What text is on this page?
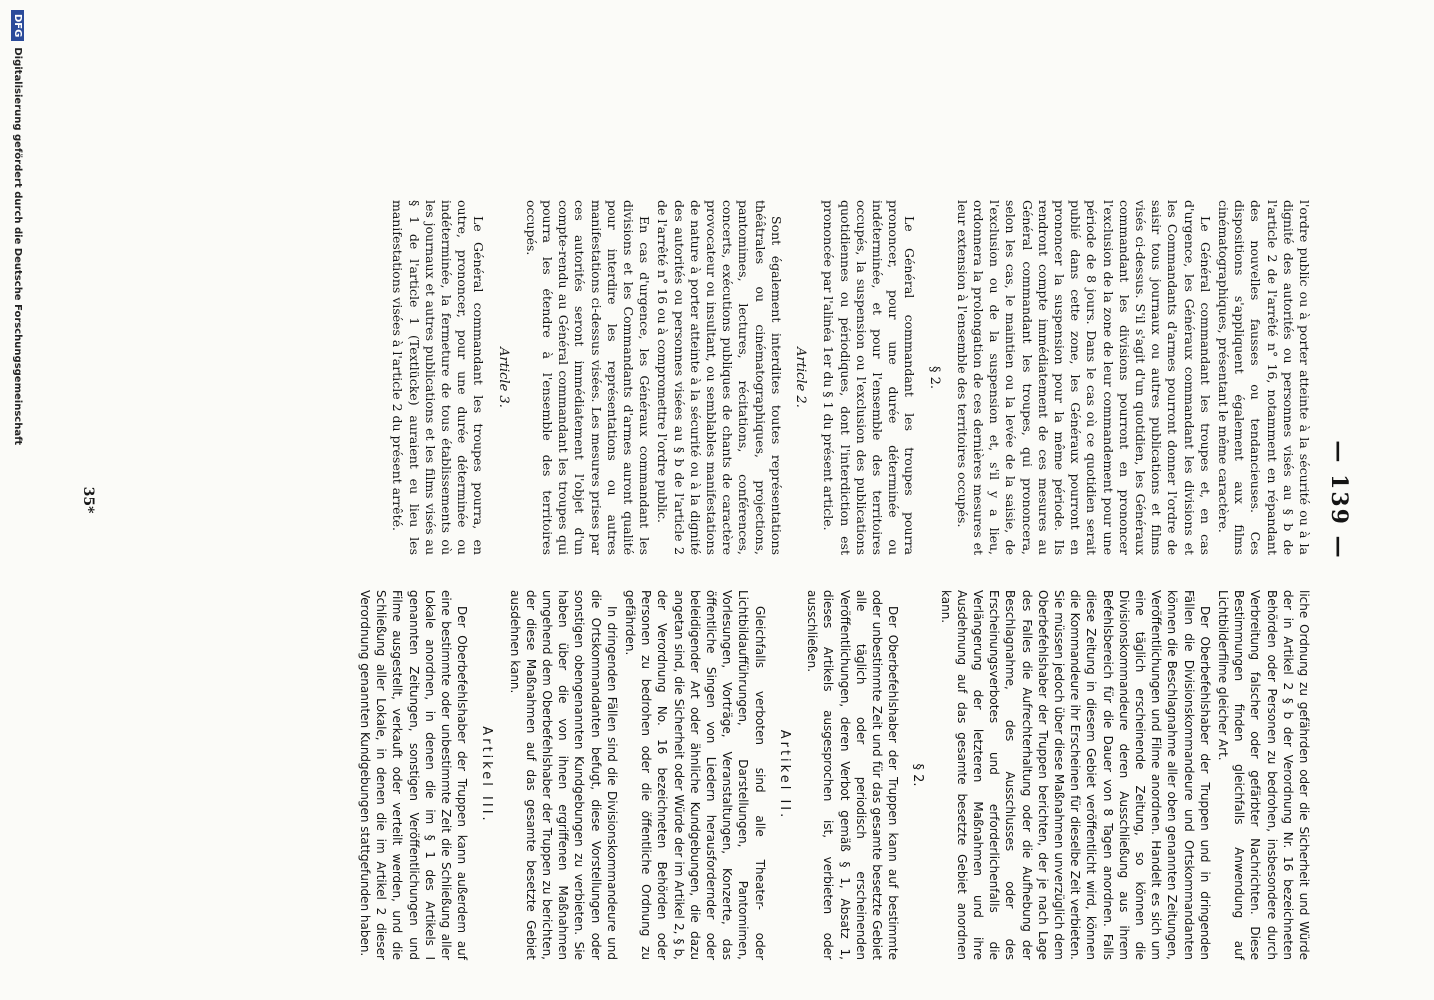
— 139 —

l'ordre public ou à porter atteinte à la sécurité ou à la dignité des autorités ou personnes visés au § b de l'article 2 de l'arrêté n° 16, notamment en répandant des nouvelles fausses ou tendancieuses. Ces dispositions s'appliquent également aux films cinématographiques, présentant le même caractère.

Le Général commandant les troupes et, en cas d'urgence, les Généraux commandant les divisions et les Commandants d'armes pourront donner l'ordre de saisir tous journaux ou autres publications et films visés ci-dessus. S'il s'agit d'un quotidien, les Généraux commandant les divisions pourront en prononcer l'exclusion de la zone de leur commandement pour une période de 8 jours. Dans le cas où ce quotidien serait publié dans cette zone, les Généraux pourront en prononcer la suspension pour la même période. Ils rendront compte immédiatement de ces mesures au Général commandant les troupes, qui prononcera, selon les cas, le maintien ou la levée de la saisie, de l'exclusion ou de la suspension et, s'il y a lieu, ordonnera la prolongation de ces dernières mesures et leur extension à l'ensemble des territoires occupés.

§ 2.

Le Général commandant les troupes pourra prononcer, pour une durée déterminée ou indéterminée, et pour l'ensemble des territoires occupés, la suspension ou l'exclusion des publications quotidiennes ou périodiques, dont l'interdiction est prononcée par l'alinéa 1er du § 1 du présent article.

Article 2.

Sont également interdites toutes représentations théâtrales ou cinématographiques, projections, pantomimes, lectures, récitations, conférences, concerts, exécutions publiques de chants de caractère provocateur ou insultant, ou semblables manifestations de nature à porter atteinte à la sécurité ou à la dignité des autorités ou personnes visées au § b de l'article 2 de l'arrêté n° 16 ou à compromettre l'ordre public.

En cas d'urgence, les Généraux commandant les divisions et les Commandants d'armes auront qualité pour interdire les représentations ou autres manifestations ci-dessus visées. Les mesures prises par ces autorités seront immédiatement l'objet d'un compte-rendu au Général commandant les troupes qui pourra les étendre à l'ensemble des territoires occupés.

Article 3.

Le Général commandant les troupes pourra, en outre, prononcer, pour une durée déterminée ou indéterminée, la fermeture de tous établissements où les journaux et autres publications et les films visés au § 1 de l'article 1 (Textlücke) auraient eu lieu les manifestations visées à l'article 2 du présent arrêté.

liche Ordnung zu gefährden oder die Sicherheit und Würde der in Artikel 2 § b der Verordnung Nr. 16 bezeichneten Behörden oder Personen zu bedrohen, insbesondere durch Verbreitung falscher oder gefärbter Nachrichten. Diese Bestimmungen finden gleichfalls Anwendung auf Lichtbilderfilme gleicher Art.

Der Oberbefehlshaber der Truppen und in dringenden Fällen die Divisionskommandeure und Ortskommandanten können die Beschlagnahme aller oben genannten Zeitungen, Veröffentlichungen und Filme anordnen. Handelt es sich um eine täglich erscheinende Zeitung, so können die Divisionskommandeure deren Ausschließung aus ihrem Befehlsbereich für die Dauer von 8 Tagen anordnen. Falls diese Zeitung in diesem Gebiet veröffentlicht wird, können die Kommandeure ihr Erscheinen für dieselbe Zeit verbieten. Sie müssen jedoch über diese Maßnahmen unverzüglich dem Oberbefehlshaber der Truppen berichten, der je nach Lage des Falles die Aufrechterhaltung oder die Aufhebung der Beschlagnahme, des Ausschlusses oder des Erscheinungsverbotes und erforderlichenfalls die Verlängerung der letzteren Maßnahmen und ihre Ausdehnung auf das gesamte besetzte Gebiet anordnen kann.

§ 2.

Der Oberbefehlshaber der Truppen kann auf bestimmte oder unbestimmte Zeit und für das gesamte besetzte Gebiet alle täglich oder periodisch erscheinenden Veröffentlichungen, deren Verbot gemäß § 1, Absatz 1, dieses Artikels ausgesprochen ist, verbieten oder ausschließen.

Artikel II.

Gleichfalls verboten sind alle Theater- oder Lichtbildaufführungen, Darstellungen, Pantomimen, Vorlesungen, Vorträge, Veranstaltungen, Konzerte, das öffentliche Singen von Liedern herausfordernder oder beleidigender Art oder ähnliche Kundgebungen, die dazu angetan sind, die Sicherheit oder Würde der im Artikel 2, § b, der Verordnung No. 16 bezeichneten Behörden oder Personen zu bedrohen oder die öffentliche Ordnung zu gefährden.

In dringenden Fällen sind die Divisionskommandeure und die Ortskommandanten befugt, diese Vorstellungen oder sonstigen obengenannten Kundgebungen zu verbieten. Sie haben über die von ihnen ergriffenen Maßnahmen umgehend dem Oberbefehlshaber der Truppen zu berichten, der diese Maßnahmen auf das gesamte besetzte Gebiet ausdehnen kann.

Artikel III.

Der Oberbefehlshaber der Truppen kann außerdem auf eine bestimmte oder unbestimmte Zeit die Schließung aller Lokale anordnen, in denen die im § 1 des Artikels I genannten Zeitungen, sonstigen Veröffentlichungen und Filme ausgestellt, verkauft oder verteilt werden, und die Schließung aller Lokale, in denen die im Artikel 2 dieser Verordnung genannten Kundgebungen stattgefunden haben.

35*
DFGDigitalisierung gefördert durch die Deutsche Forschungsgemeinschaft
